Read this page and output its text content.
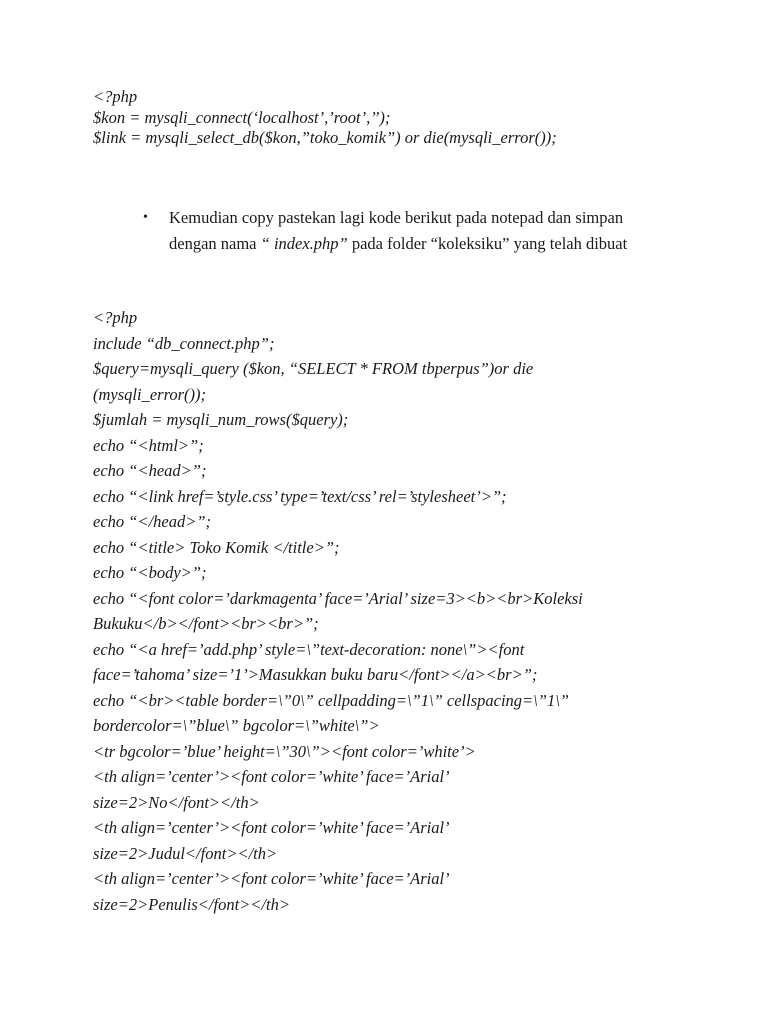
<?php
$kon = mysqli_connect(‘localhost’,’root’,’’);
$link = mysqli_select_db($kon,”toko_komik”) or die(mysqli_error());
• Kemudian copy pastekan lagi kode berikut pada notepad dan simpan dengan nama “ index.php” pada folder “koleksiku” yang telah dibuat
<?php
include “db_connect.php”;
$query=mysqli_query ($kon, “SELECT * FROM tbperpus”)or die
(mysqli_error());
$jumlah = mysqli_num_rows($query);
echo “<html>”;
echo “<head>”;
echo “<link href=’style.css’ type=’text/css’ rel=’stylesheet’>”;
echo “</head>”;
echo “<title> Toko Komik </title>”;
echo “<body>”;
echo “<font color=’darkmagenta’ face=’Arial’ size=3><b><br>Koleksi
Bukuku</b></font><br><br>”;
echo “<a href=’add.php’ style=\”text-decoration: none\”><font
face=’tahoma’ size=’1’>Masukkan buku baru</font></a><br>”;
echo “<br><table border=\”0\” cellpadding=\”1\” cellspacing=\”1\”
bordercolor=\”blue\” bgcolor=\”white\”>
<tr bgcolor=’blue’ height=\”30\”><font color=’white’>
<th align=’center’><font color=’white’ face=’Arial’
size=2>No</font></th>
<th align=’center’><font color=’white’ face=’Arial’
size=2>Judul</font></th>
<th align=’center’><font color=’white’ face=’Arial’
size=2>Penulis</font></th>
